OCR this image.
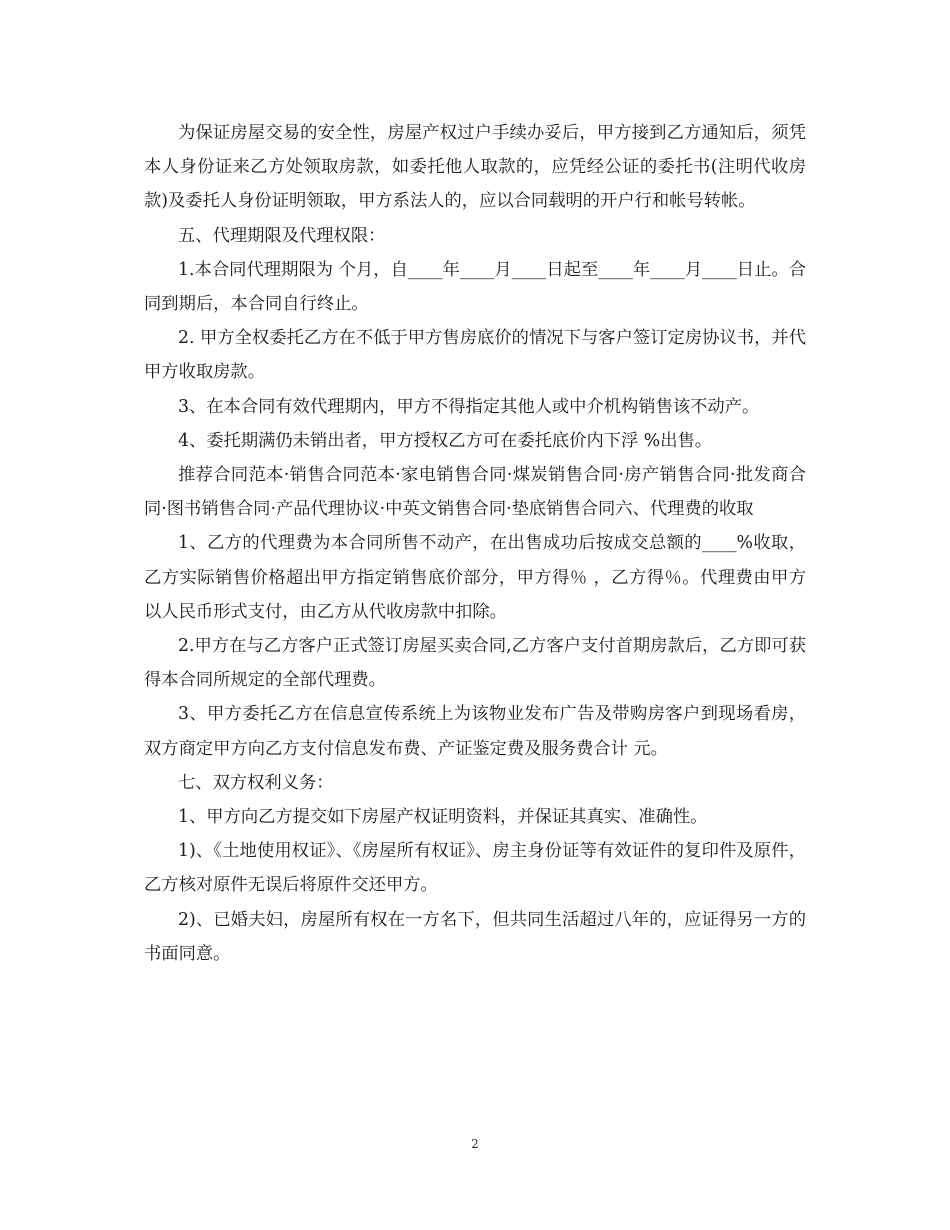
为保证房屋交易的安全性，房屋产权过户手续办妥后，甲方接到乙方通知后，须凭本人身份证来乙方处领取房款，如委托他人取款的，应凭经公证的委托书(注明代收房款)及委托人身份证明领取，甲方系法人的，应以合同载明的开户行和帐号转帐。

五、代理期限及代理权限：

1.本合同代理期限为 个月，自____年____月____日起至____年____月____日止。合同到期后，本合同自行终止。

2. 甲方全权委托乙方在不低于甲方售房底价的情况下与客户签订定房协议书，并代甲方收取房款。

3、在本合同有效代理期内，甲方不得指定其他人或中介机构销售该不动产。

4、委托期满仍未销出者，甲方授权乙方可在委托底价内下浮 %出售。

推荐合同范本·销售合同范本·家电销售合同·煤炭销售合同·房产销售合同·批发商合同·图书销售合同·产品代理协议·中英文销售合同·垫底销售合同六、代理费的收取

1、乙方的代理费为本合同所售不动产，在出售成功后按成交总额的____%收取，乙方实际销售价格超出甲方指定销售底价部分，甲方得％ ，乙方得％。代理费由甲方以人民币形式支付，由乙方从代收房款中扣除。

2.甲方在与乙方客户正式签订房屋买卖合同,乙方客户支付首期房款后，乙方即可获得本合同所规定的全部代理费。

3、甲方委托乙方在信息宣传系统上为该物业发布广告及带购房客户到现场看房，双方商定甲方向乙方支付信息发布费、产证鉴定费及服务费合计 元。

七、双方权利义务：

1、甲方向乙方提交如下房屋产权证明资料，并保证其真实、准确性。

1)、《土地使用权证》、《房屋所有权证》、房主身份证等有效证件的复印件及原件，乙方核对原件无误后将原件交还甲方。

2)、已婚夫妇，房屋所有权在一方名下，但共同生活超过八年的，应证得另一方的书面同意。

2
